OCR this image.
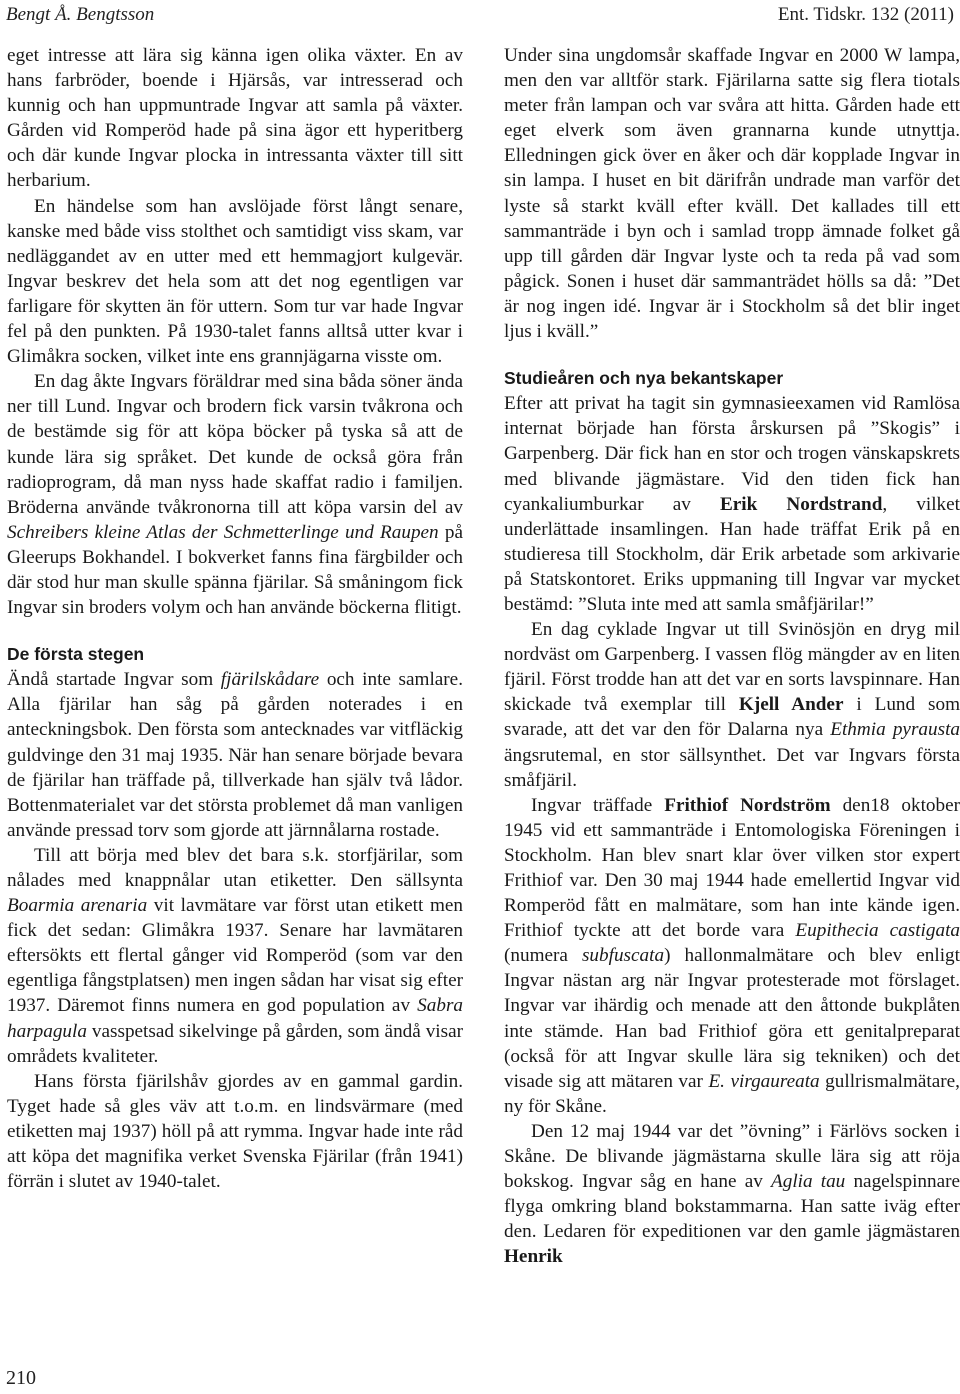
Bengt Å. Bengtsson	Ent. Tidskr. 132 (2011)

eget intresse att lära sig känna igen olika växter. En av hans farbröder, boende i Hjärsås, var intresserad och kunnig och han uppmuntrade Ingvar att samla på växter. Gården vid Romperöd hade på sina ägor ett hyperitberg och där kunde Ingvar plocka in intressanta växter till sitt herbarium.

En händelse som han avslöjade först långt senare, kanske med både viss stolthet och samtidigt viss skam, var nedläggandet av en utter med ett hemmagjort kulgevär. Ingvar beskrev det hela som att det nog egentligen var farligare för skytten än för uttern. Som tur var hade Ingvar fel på den punkten. På 1930-talet fanns alltså utter kvar i Glimåkra socken, vilket inte ens grannjägarna visste om.

En dag åkte Ingvars föräldrar med sina båda söner ända ner till Lund. Ingvar och brodern fick varsin tvåkrona och de bestämde sig för att köpa böcker på tyska så att de kunde lära sig språket. Det kunde de också göra från radioprogram, då man nyss hade skaffat radio i familjen. Bröderna använde tvåkronorna till att köpa varsin del av Schreibers kleine Atlas der Schmetterlinge und Raupen på Gleerups Bokhandel. I bokverket fanns fina färgbilder och där stod hur man skulle spänna fjärilar. Så småningom fick Ingvar sin broders volym och han använde böckerna flitigt.

De första stegen

Ändå startade Ingvar som fjärilskådare och inte samlare. Alla fjärilar han såg på gården noterades i en anteckningsbok. Den första som antecknades var vitfläckig guldvinge den 31 maj 1935. När han senare började bevara de fjärilar han träffade på, tillverkade han själv två lådor. Bottenmaterialet var det största problemet då man vanligen använde pressad torv som gjorde att järnnålarna rostade.

Till att börja med blev det bara s.k. storfjärilar, som nålades med knappnålar utan etiketter. Den sällsynta Boarmia arenaria vit lavmätare var först utan etikett men fick det sedan: Glimåkra 1937. Senare har lavmätaren eftersökts ett flertal gånger vid Romperöd (som var den egentliga fångstplatsen) men ingen sådan har visat sig efter 1937. Däremot finns numera en god population av Sabra harpagula vasspetsad sikelvinge på gården, som ändå visar områdets kvaliteter.

Hans första fjärilshåv gjordes av en gammal gardin. Tyget hade så gles väv att t.o.m. en lindsvärmare (med etiketten maj 1937) höll på att rymma. Ingvar hade inte råd att köpa det magnifika verket Svenska Fjärilar (från 1941) förrän i slutet av 1940-talet.

Under sina ungdomsår skaffade Ingvar en 2000 W lampa, men den var alltför stark. Fjärilarna satte sig flera tiotals meter från lampan och var svåra att hitta. Gården hade ett eget elverk som även grannarna kunde utnyttja. Elledningen gick över en åker och där kopplade Ingvar in sin lampa. I huset en bit därifrån undrade man varför det lyste så starkt kväll efter kväll. Det kallades till ett sammanträde i byn och i samlad tropp ämnade folket gå upp till gården där Ingvar lyste och ta reda på vad som pågick. Sonen i huset där sammanträdet hölls sa då: ”Det är nog ingen idé. Ingvar är i Stockholm så det blir inget ljus i kväll.”

Studieåren och nya bekantskaper

Efter att privat ha tagit sin gymnasieexamen vid Ramlösa internat började han första årskursen på ”Skogis” i Garpenberg. Där fick han en stor och trogen vänskapskrets med blivande jägmästare. Vid den tiden fick han cyankaliumburkar av Erik Nordstrand, vilket underlättade insamlingen. Han hade träffat Erik på en studieresa till Stockholm, där Erik arbetade som arkivarie på Statskontoret. Eriks uppmaning till Ingvar var mycket bestämd: ”Sluta inte med att samla småfjärilar!”

En dag cyklade Ingvar ut till Svinösjön en dryg mil nordväst om Garpenberg. I vassen flög mängder av en liten fjäril. Först trodde han att det var en sorts lavspinnare. Han skickade två exemplar till Kjell Ander i Lund som svarade, att det var den för Dalarna nya Ethmia pyrausta ängsrutemal, en stor sällsynthet. Det var Ingvars första småfjäril.

Ingvar träffade Frithiof Nordström den18 oktober 1945 vid ett sammanträde i Entomologiska Föreningen i Stockholm. Han blev snart klar över vilken stor expert Frithiof var. Den 30 maj 1944 hade emellertid Ingvar vid Romperöd fått en malmätare, som han inte kände igen. Frithiof tyckte att det borde vara Eupithecia castigata (numera subfuscata) hallonmalmätare och blev enligt Ingvar nästan arg när Ingvar protesterade mot förslaget. Ingvar var ihärdig och menade att den åttonde bukplåten inte stämde. Han bad Frithiof göra ett genitalpreparat (också för att Ingvar skulle lära sig tekniken) och det visade sig att mätaren var E. virgaureata gullrismalmätare, ny för Skåne.

Den 12 maj 1944 var det ”övning” i Färlövs socken i Skåne. De blivande jägmästarna skulle lära sig att röja bokskog. Ingvar såg en hane av Aglia tau nagelspinnare flyga omkring bland bokstammarna. Han satte iväg efter den. Ledaren för expeditionen var den gamle jägmästaren Henrik

210
